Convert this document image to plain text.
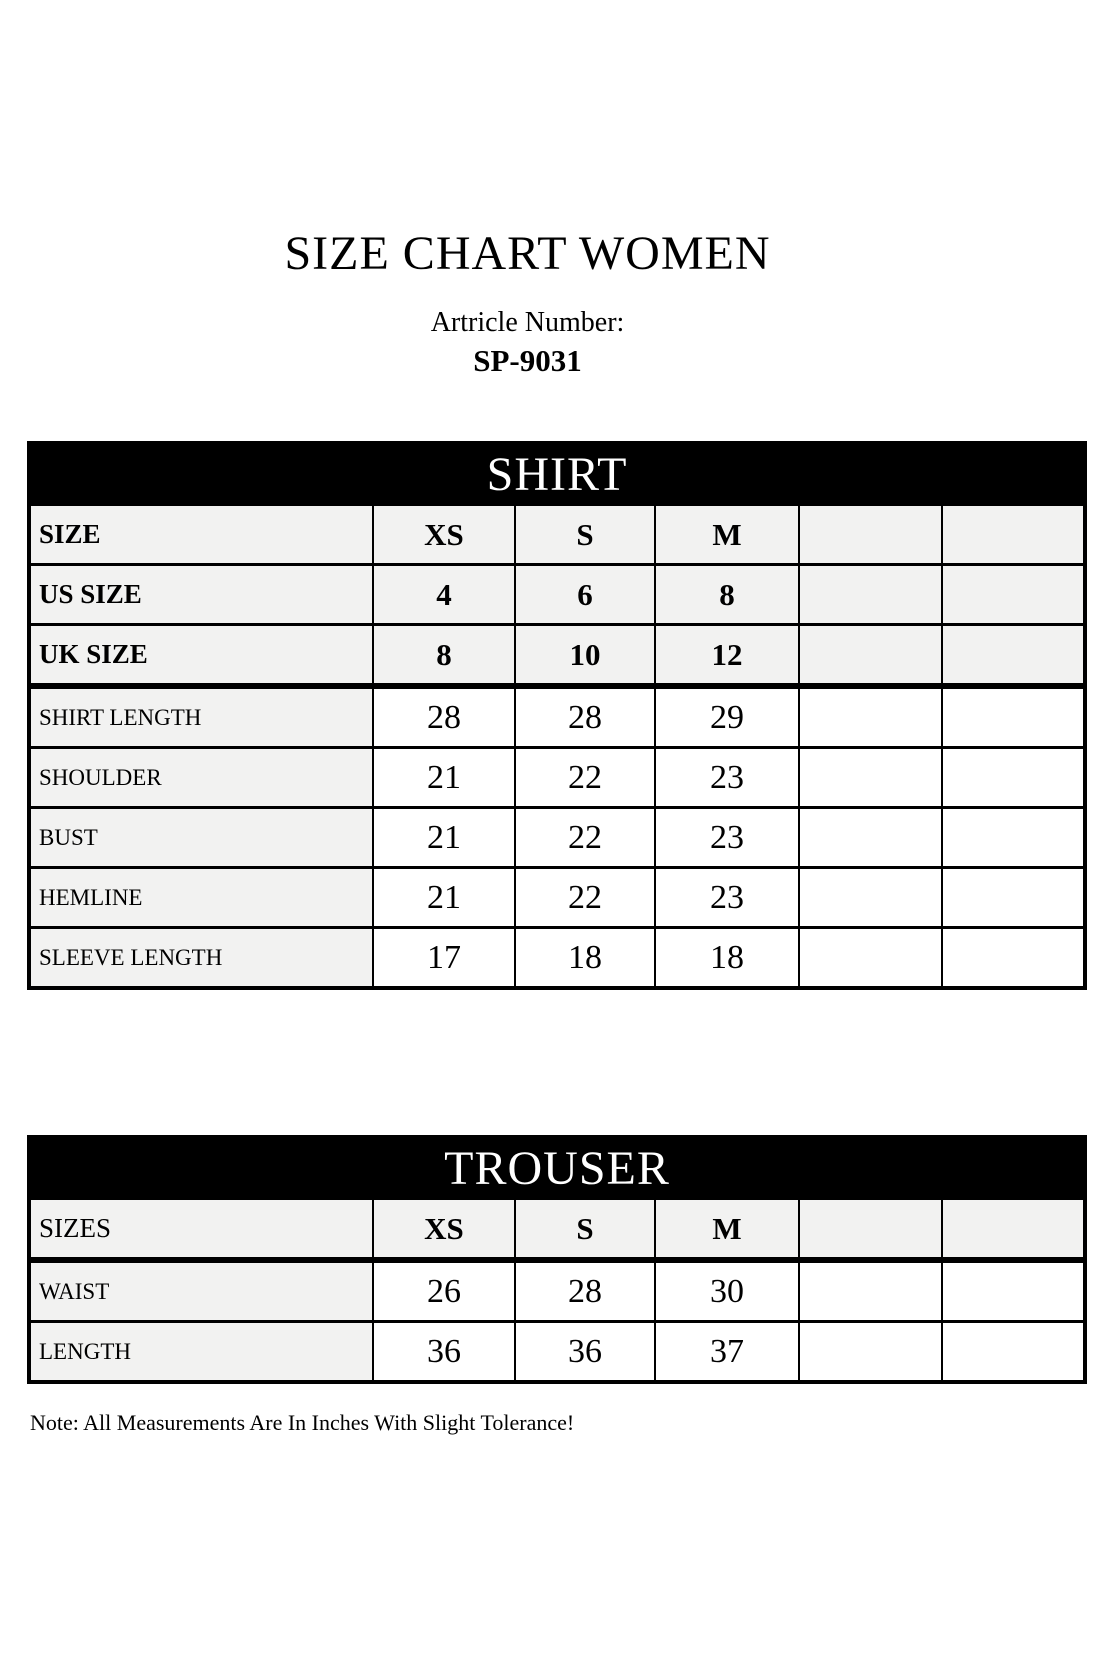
SIZE CHART WOMEN
Artricle Number:
SP-9031
SHIRT					
SIZE	XS	S	M		
US SIZE	4	6	8		
UK SIZE	8	10	12		
SHIRT LENGTH	28	28	29		
SHOULDER	21	22	23		
BUST	21	22	23		
HEMLINE	21	22	23		
SLEEVE LENGTH	17	18	18		
TROUSER					
SIZES	XS	S	M		
WAIST	26	28	30		
LENGTH	36	36	37		
Note: All Measurements Are In Inches With Slight Tolerance!
